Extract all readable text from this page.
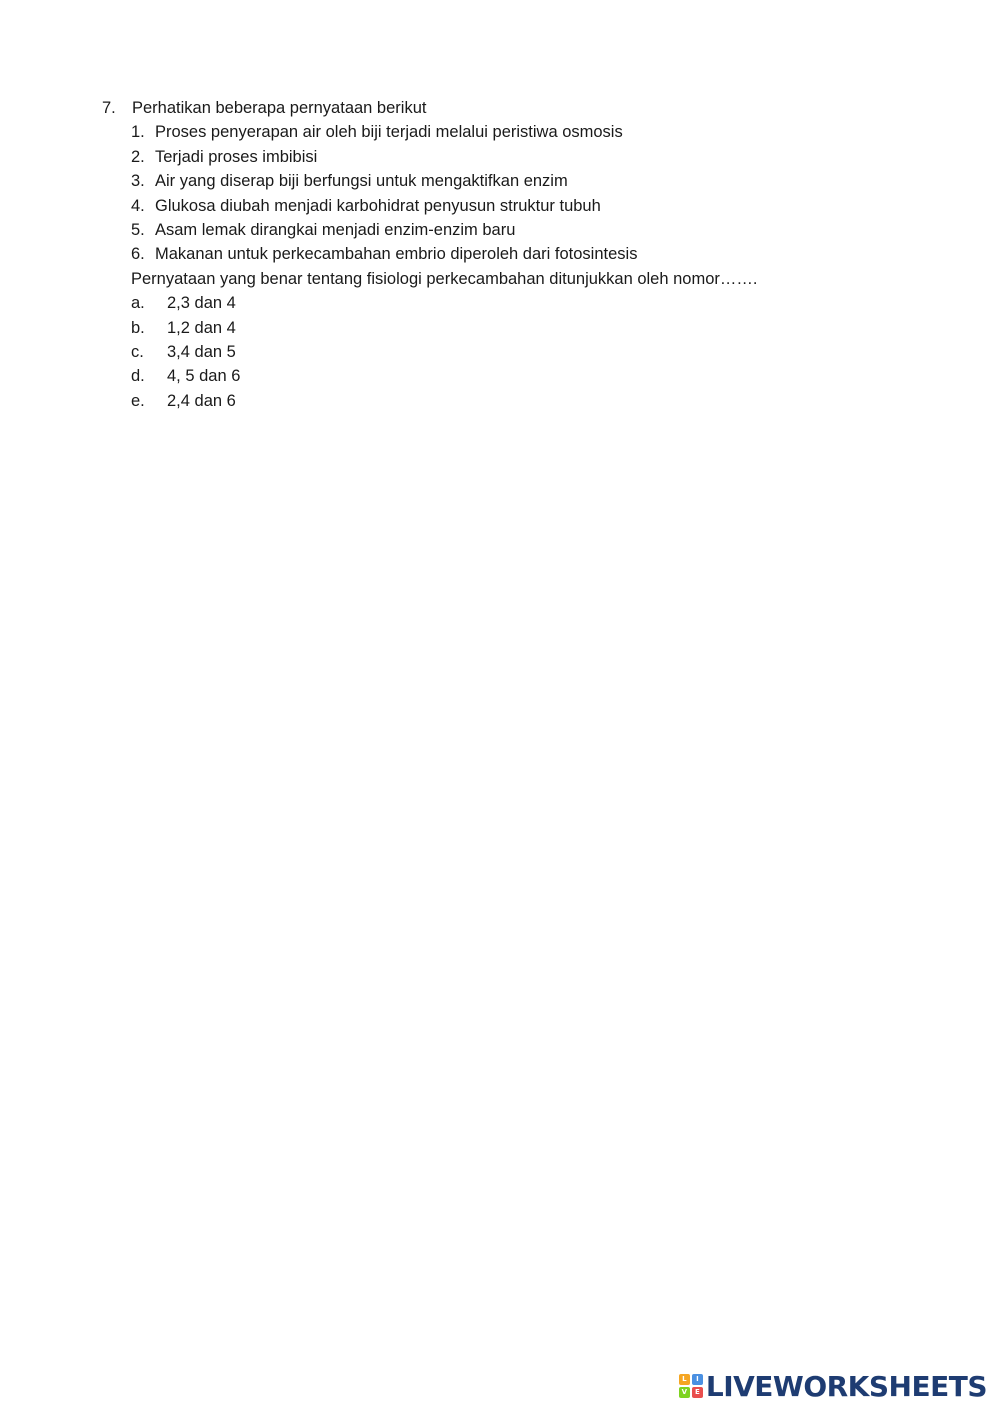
7. Perhatikan beberapa pernyataan berikut
1. Proses penyerapan air oleh biji terjadi melalui peristiwa osmosis
2. Terjadi proses imbibisi
3. Air yang diserap biji berfungsi untuk mengaktifkan enzim
4. Glukosa diubah menjadi karbohidrat penyusun struktur tubuh
5. Asam lemak dirangkai menjadi enzim-enzim baru
6. Makanan untuk perkecambahan embrio diperoleh dari fotosintesis
Pernyataan yang benar tentang fisiologi perkecambahan ditunjukkan oleh nomor…….
a. 2,3 dan 4
b. 1,2 dan 4
c. 3,4 dan 5
d. 4, 5 dan 6
e. 2,4 dan 6
L	I
V	E LIVEWORKSHEETS
